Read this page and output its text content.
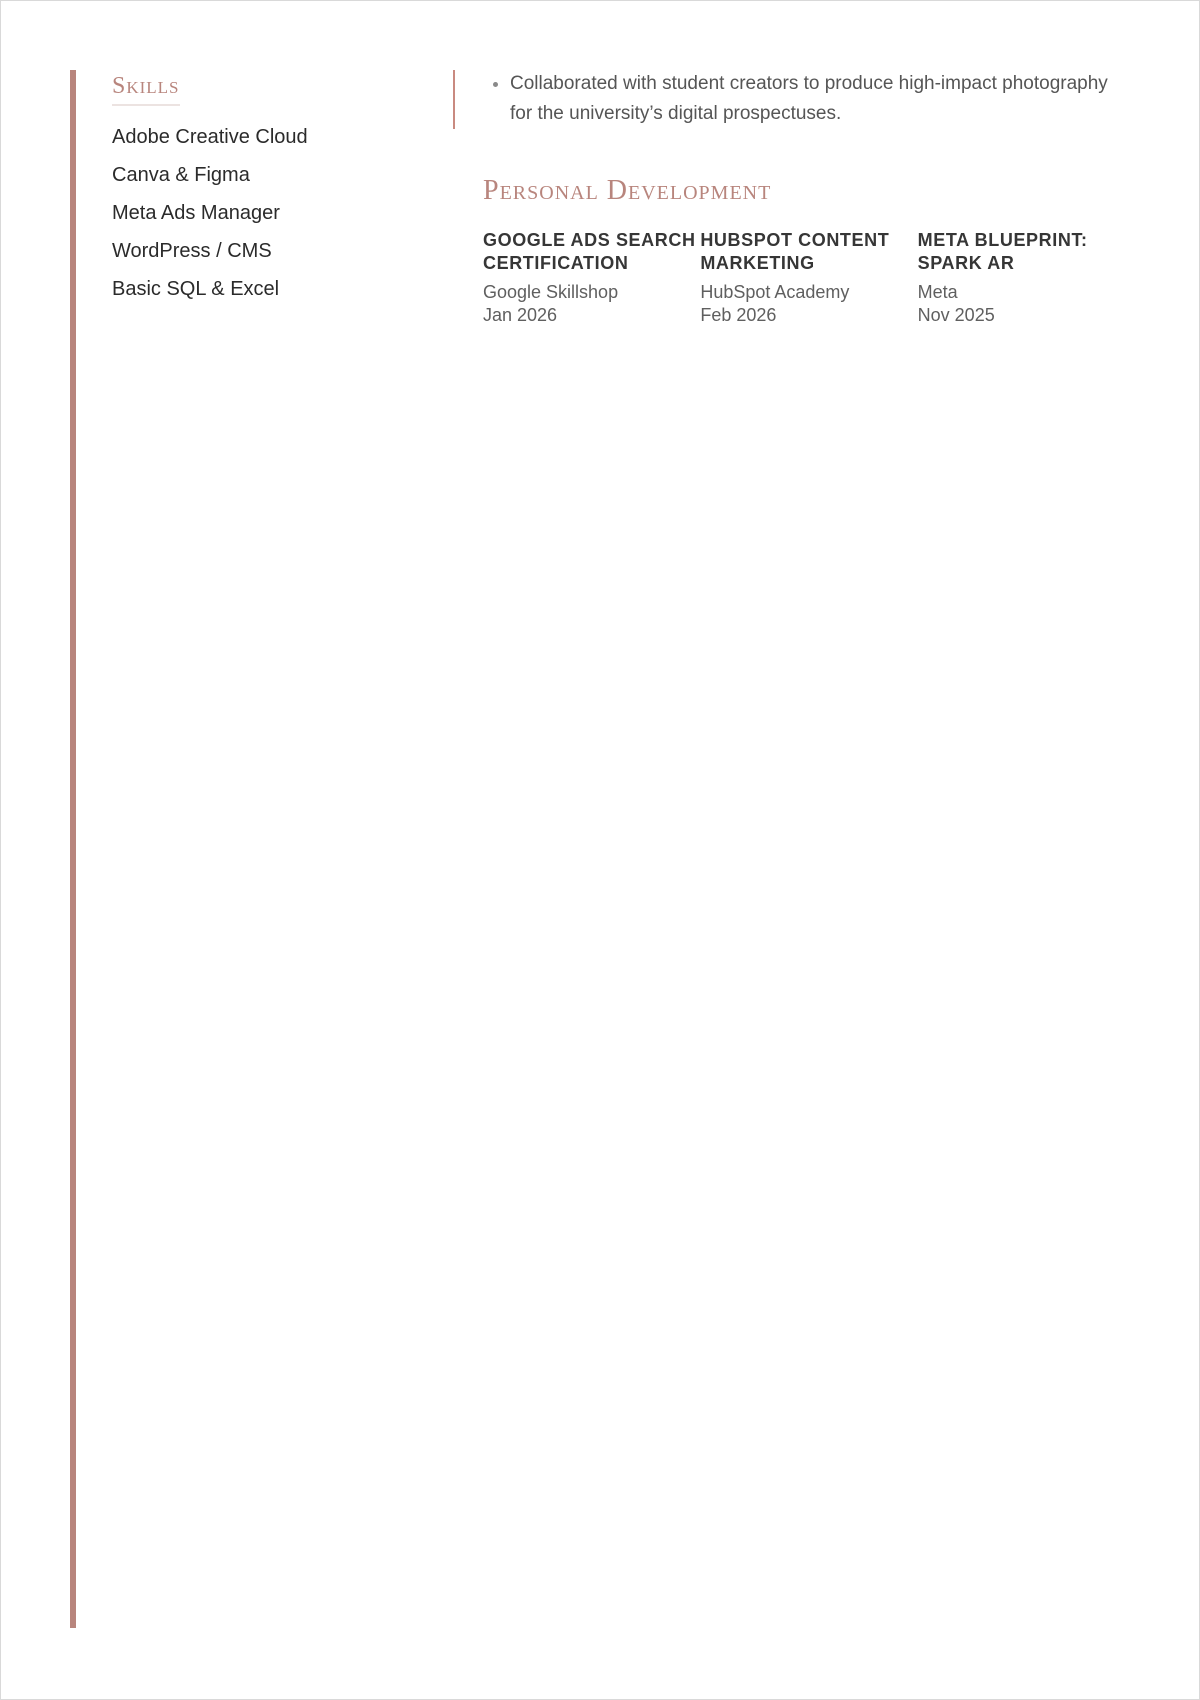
Skills
Adobe Creative Cloud
Canva & Figma
Meta Ads Manager
WordPress / CMS
Basic SQL & Excel
• Collaborated with student creators to produce high-impact photography for the university’s digital prospectuses.
Personal Development
GOOGLE ADS SEARCH CERTIFICATION
Google Skillshop
Jan 2026
HUBSPOT CONTENT MARKETING
HubSpot Academy
Feb 2026
META BLUEPRINT: SPARK AR
Meta
Nov 2025
